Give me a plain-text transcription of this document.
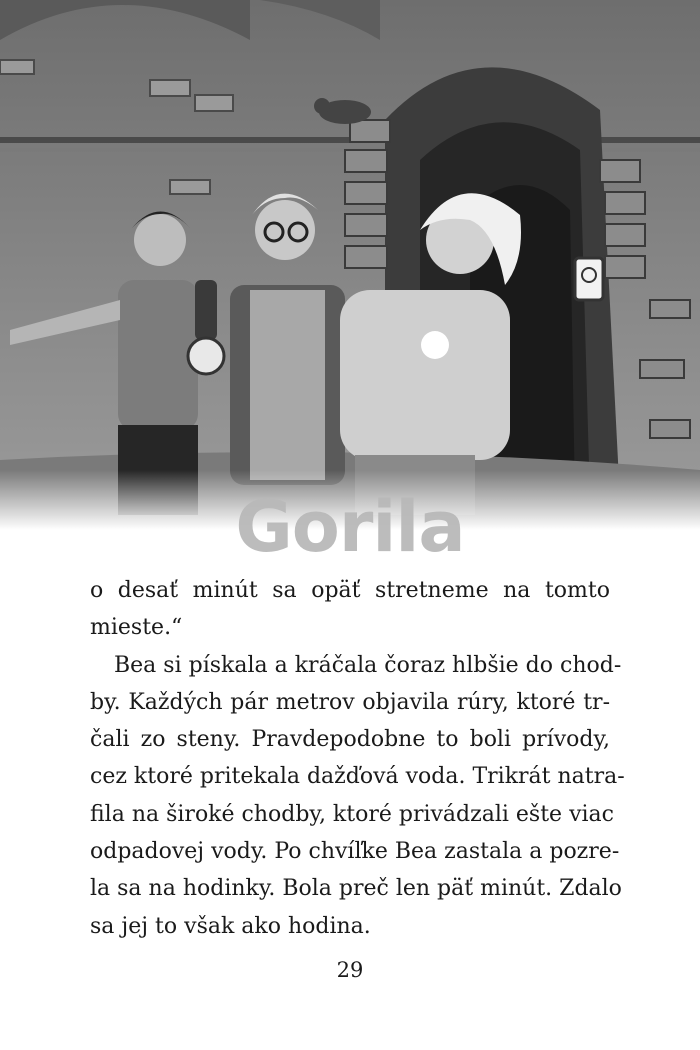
Gorila

o desať minút sa opäť stretneme na tomto
mieste.“

Bea si pískala a kráčala čoraz hlbšie do chod-
by. Každých pár metrov objavila rúry, ktoré tr-
čali zo steny. Pravdepodobne to boli prívody,
cez ktoré pritekala dažďová voda. Trikrát natra-
fila na široké chodby, ktoré privádzali ešte viac
odpadovej vody. Po chvíľke Bea zastala a pozre-
la sa na hodinky. Bola preč len päť minút. Zdalo
sa jej to však ako hodina.

29
